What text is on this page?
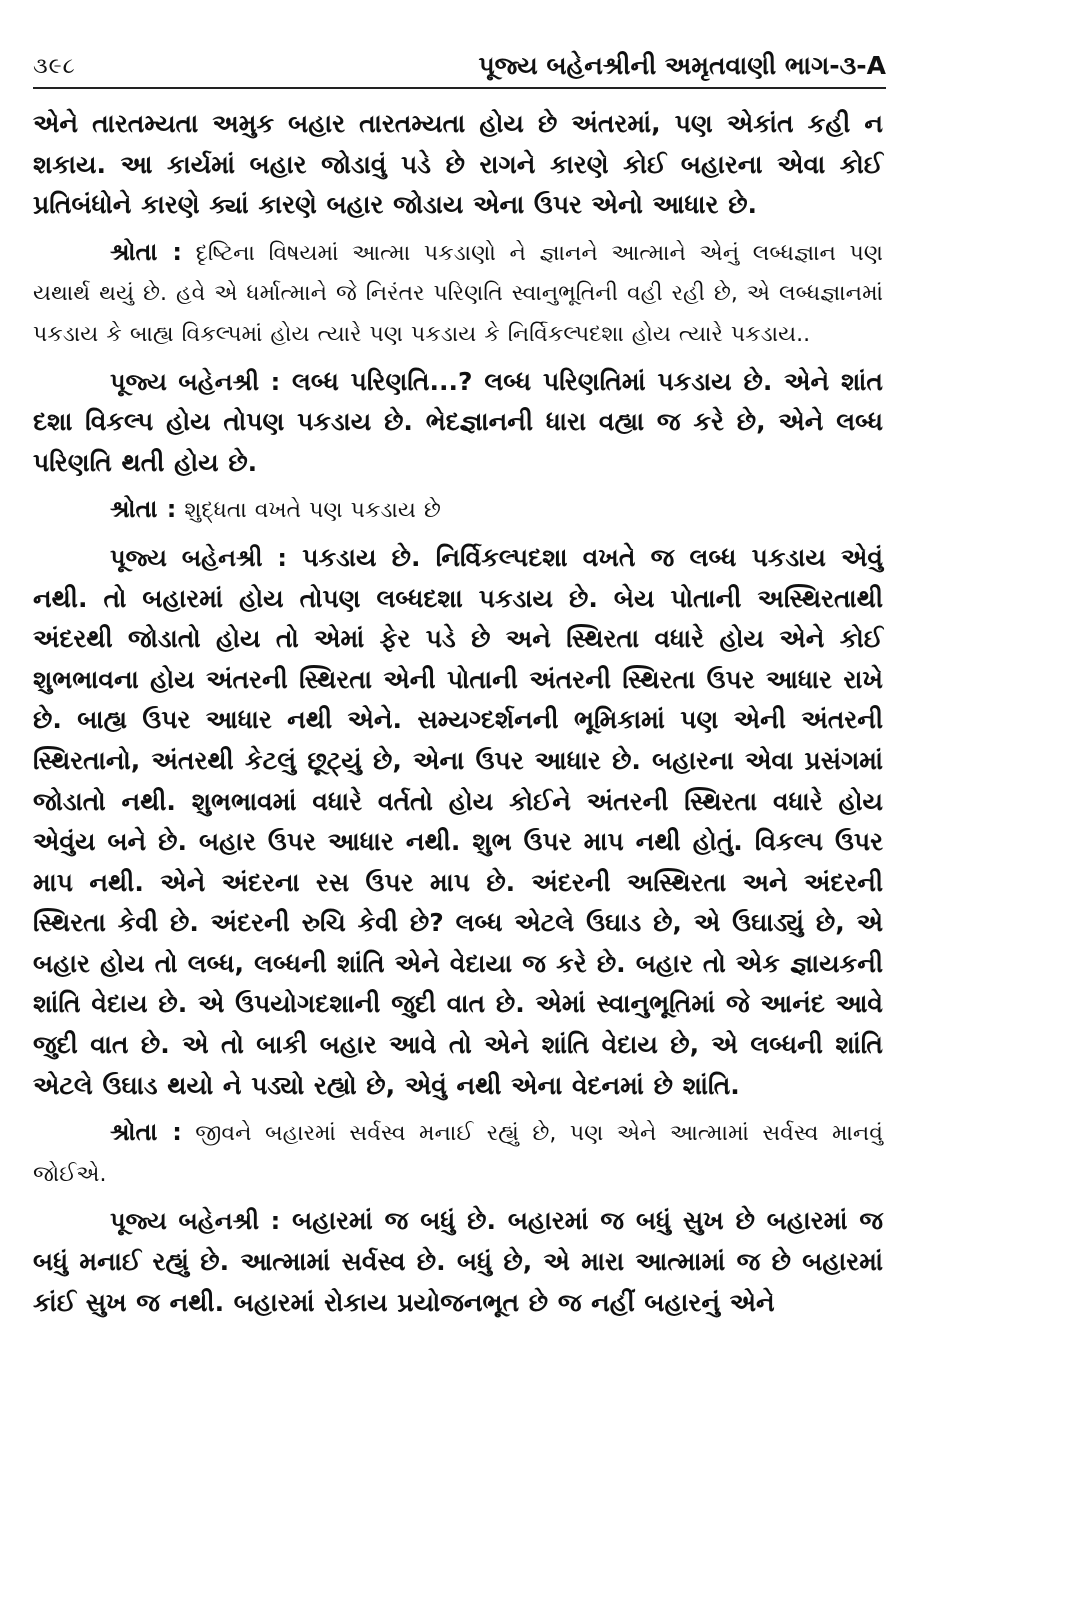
૩૯૮	પૂજ્ય બહેનશ્રીની અમૃતવાણી ભાગ-૩-A

એને તારતમ્યતા અમુક બહાર તારતમ્યતા હોય છે અંતરમાં, પણ એકાંત કહી ન શકાય. આ કાર્યમાં બહાર જોડાવું પડે છે રાગને કારણે કોઈ બહારના એવા કોઈ પ્રતિબંધોને કારણે ક્યાં કારણે બહાર જોડાય એના ઉપર એનો આધાર છે.

શ્રોતા : દૃષ્ટિના વિષયમાં આત્મા પકડાણો ને જ્ઞાનને આત્માને એનું લબ્ધજ્ઞાન પણ યથાર્થ થયું છે. હવે એ ધર્માત્માને જે નિરંતર પરિણતિ સ્વાનુભૂતિની વહી રહી છે, એ લબ્ધજ્ઞાનમાં પકડાય કે બાહ્ય વિકલ્પમાં હોય ત્યારે પણ પકડાય કે નિર્વિકલ્પદશા હોય ત્યારે પકડાય..

પૂજ્ય બહેનશ્રી : લબ્ધ પરિણતિ...? લબ્ધ પરિણતિમાં પકડાય છે. એને શાંત દશા વિકલ્પ હોય તોપણ પકડાય છે. ભેદજ્ઞાનની ધારા વહ્યા જ કરે છે, એને લબ્ધ પરિણતિ થતી હોય છે.

શ્રોતા : શુદ્ધતા વખતે પણ પકડાય છે

પૂજ્ય બહેનશ્રી : પકડાય છે. નિર્વિકલ્પદશા વખતે જ લબ્ધ પકડાય એવું નથી. તો બહારમાં હોય તોપણ લબ્ધદશા પકડાય છે. બેય પોતાની અસ્થિરતાથી અંદરથી જોડાતો હોય તો એમાં ફેર પડે છે અને સ્થિરતા વધારે હોય એને કોઈ શુભભાવના હોય અંતરની સ્થિરતા એની પોતાની અંતરની સ્થિરતા ઉપર આધાર રાખે છે. બાહ્ય ઉપર આધાર નથી એને. સમ્યગ્દર્શનની ભૂમિકામાં પણ એની અંતરની સ્થિરતાનો, અંતરથી કેટલું છૂટ્યું છે, એના ઉપર આધાર છે. બહારના એવા પ્રસંગમાં જોડાતો નથી. શુભભાવમાં વધારે વર્તતો હોય કોઈને અંતરની સ્થિરતા વધારે હોય એવુંય બને છે. બહાર ઉપર આધાર નથી. શુભ ઉપર માપ નથી હોતું. વિકલ્પ ઉપર માપ નથી. એને અંદરના રસ ઉપર માપ છે. અંદરની અસ્થિરતા અને અંદરની સ્થિરતા કેવી છે. અંદરની રુચિ કેવી છે? લબ્ધ એટલે ઉઘાડ છે, એ ઉઘાડ્યું છે, એ બહાર હોય તો લબ્ધ, લબ્ધની શાંતિ એને વેદાયા જ કરે છે. બહાર તો એક જ્ઞાયકની શાંતિ વેદાય છે. એ ઉપયોગદશાની જુદી વાત છે. એમાં સ્વાનુભૂતિમાં જે આનંદ આવે જુદી વાત છે. એ તો બાકી બહાર આવે તો એને શાંતિ વેદાય છે, એ લબ્ધની શાંતિ એટલે ઉઘાડ થયો ને પડ્યો રહ્યો છે, એવું નથી એના વેદનમાં છે શાંતિ.

શ્રોતા : જીવને બહારમાં સર્વસ્વ મનાઈ રહ્યું છે, પણ એને આત્મામાં સર્વસ્વ માનવું જોઈએ.

પૂજ્ય બહેનશ્રી : બહારમાં જ બધું છે. બહારમાં જ બધું સુખ છે બહારમાં જ બધું મનાઈ રહ્યું છે. આત્મામાં સર્વસ્વ છે. બધું છે, એ મારા આત્મામાં જ છે બહારમાં કાંઈ સુખ જ નથી. બહારમાં રોકાય પ્રયોજનભૂત છે જ નહીં બહારનું એને
